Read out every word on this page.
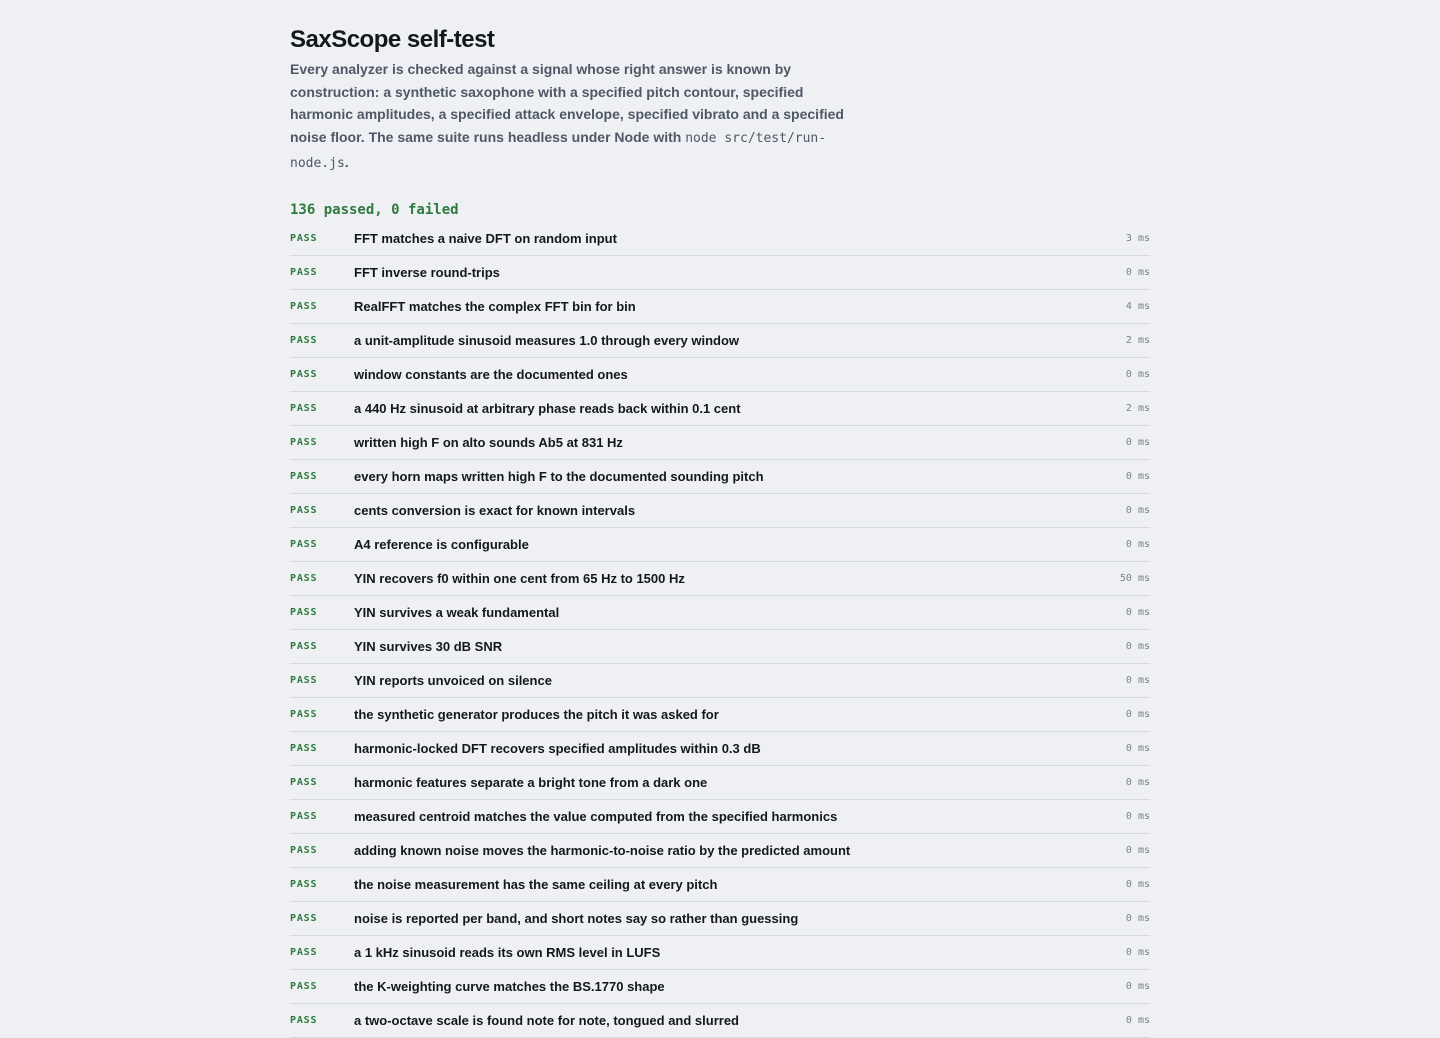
SaxScope self-test

Every analyzer is checked against a signal whose right answer is known by construction: a synthetic saxophone with a specified pitch contour, specified harmonic amplitudes, a specified attack envelope, specified vibrato and a specified noise floor. The same suite runs headless under Node with node src/test/run-node.js.

136 passed, 0 failed
PASS	FFT matches a naive DFT on random input	3 ms
PASS	FFT inverse round-trips	0 ms
PASS	RealFFT matches the complex FFT bin for bin	4 ms
PASS	a unit-amplitude sinusoid measures 1.0 through every window	2 ms
PASS	window constants are the documented ones	0 ms
PASS	a 440 Hz sinusoid at arbitrary phase reads back within 0.1 cent	2 ms
PASS	written high F on alto sounds Ab5 at 831 Hz	0 ms
PASS	every horn maps written high F to the documented sounding pitch	0 ms
PASS	cents conversion is exact for known intervals	0 ms
PASS	A4 reference is configurable	0 ms
PASS	YIN recovers f0 within one cent from 65 Hz to 1500 Hz	50 ms
PASS	YIN survives a weak fundamental	0 ms
PASS	YIN survives 30 dB SNR	0 ms
PASS	YIN reports unvoiced on silence	0 ms
PASS	the synthetic generator produces the pitch it was asked for	0 ms
PASS	harmonic-locked DFT recovers specified amplitudes within 0.3 dB	0 ms
PASS	harmonic features separate a bright tone from a dark one	0 ms
PASS	measured centroid matches the value computed from the specified harmonics	0 ms
PASS	adding known noise moves the harmonic-to-noise ratio by the predicted amount	0 ms
PASS	the noise measurement has the same ceiling at every pitch	0 ms
PASS	noise is reported per band, and short notes say so rather than guessing	0 ms
PASS	a 1 kHz sinusoid reads its own RMS level in LUFS	0 ms
PASS	the K-weighting curve matches the BS.1770 shape	0 ms
PASS	a two-octave scale is found note for note, tongued and slurred	0 ms
